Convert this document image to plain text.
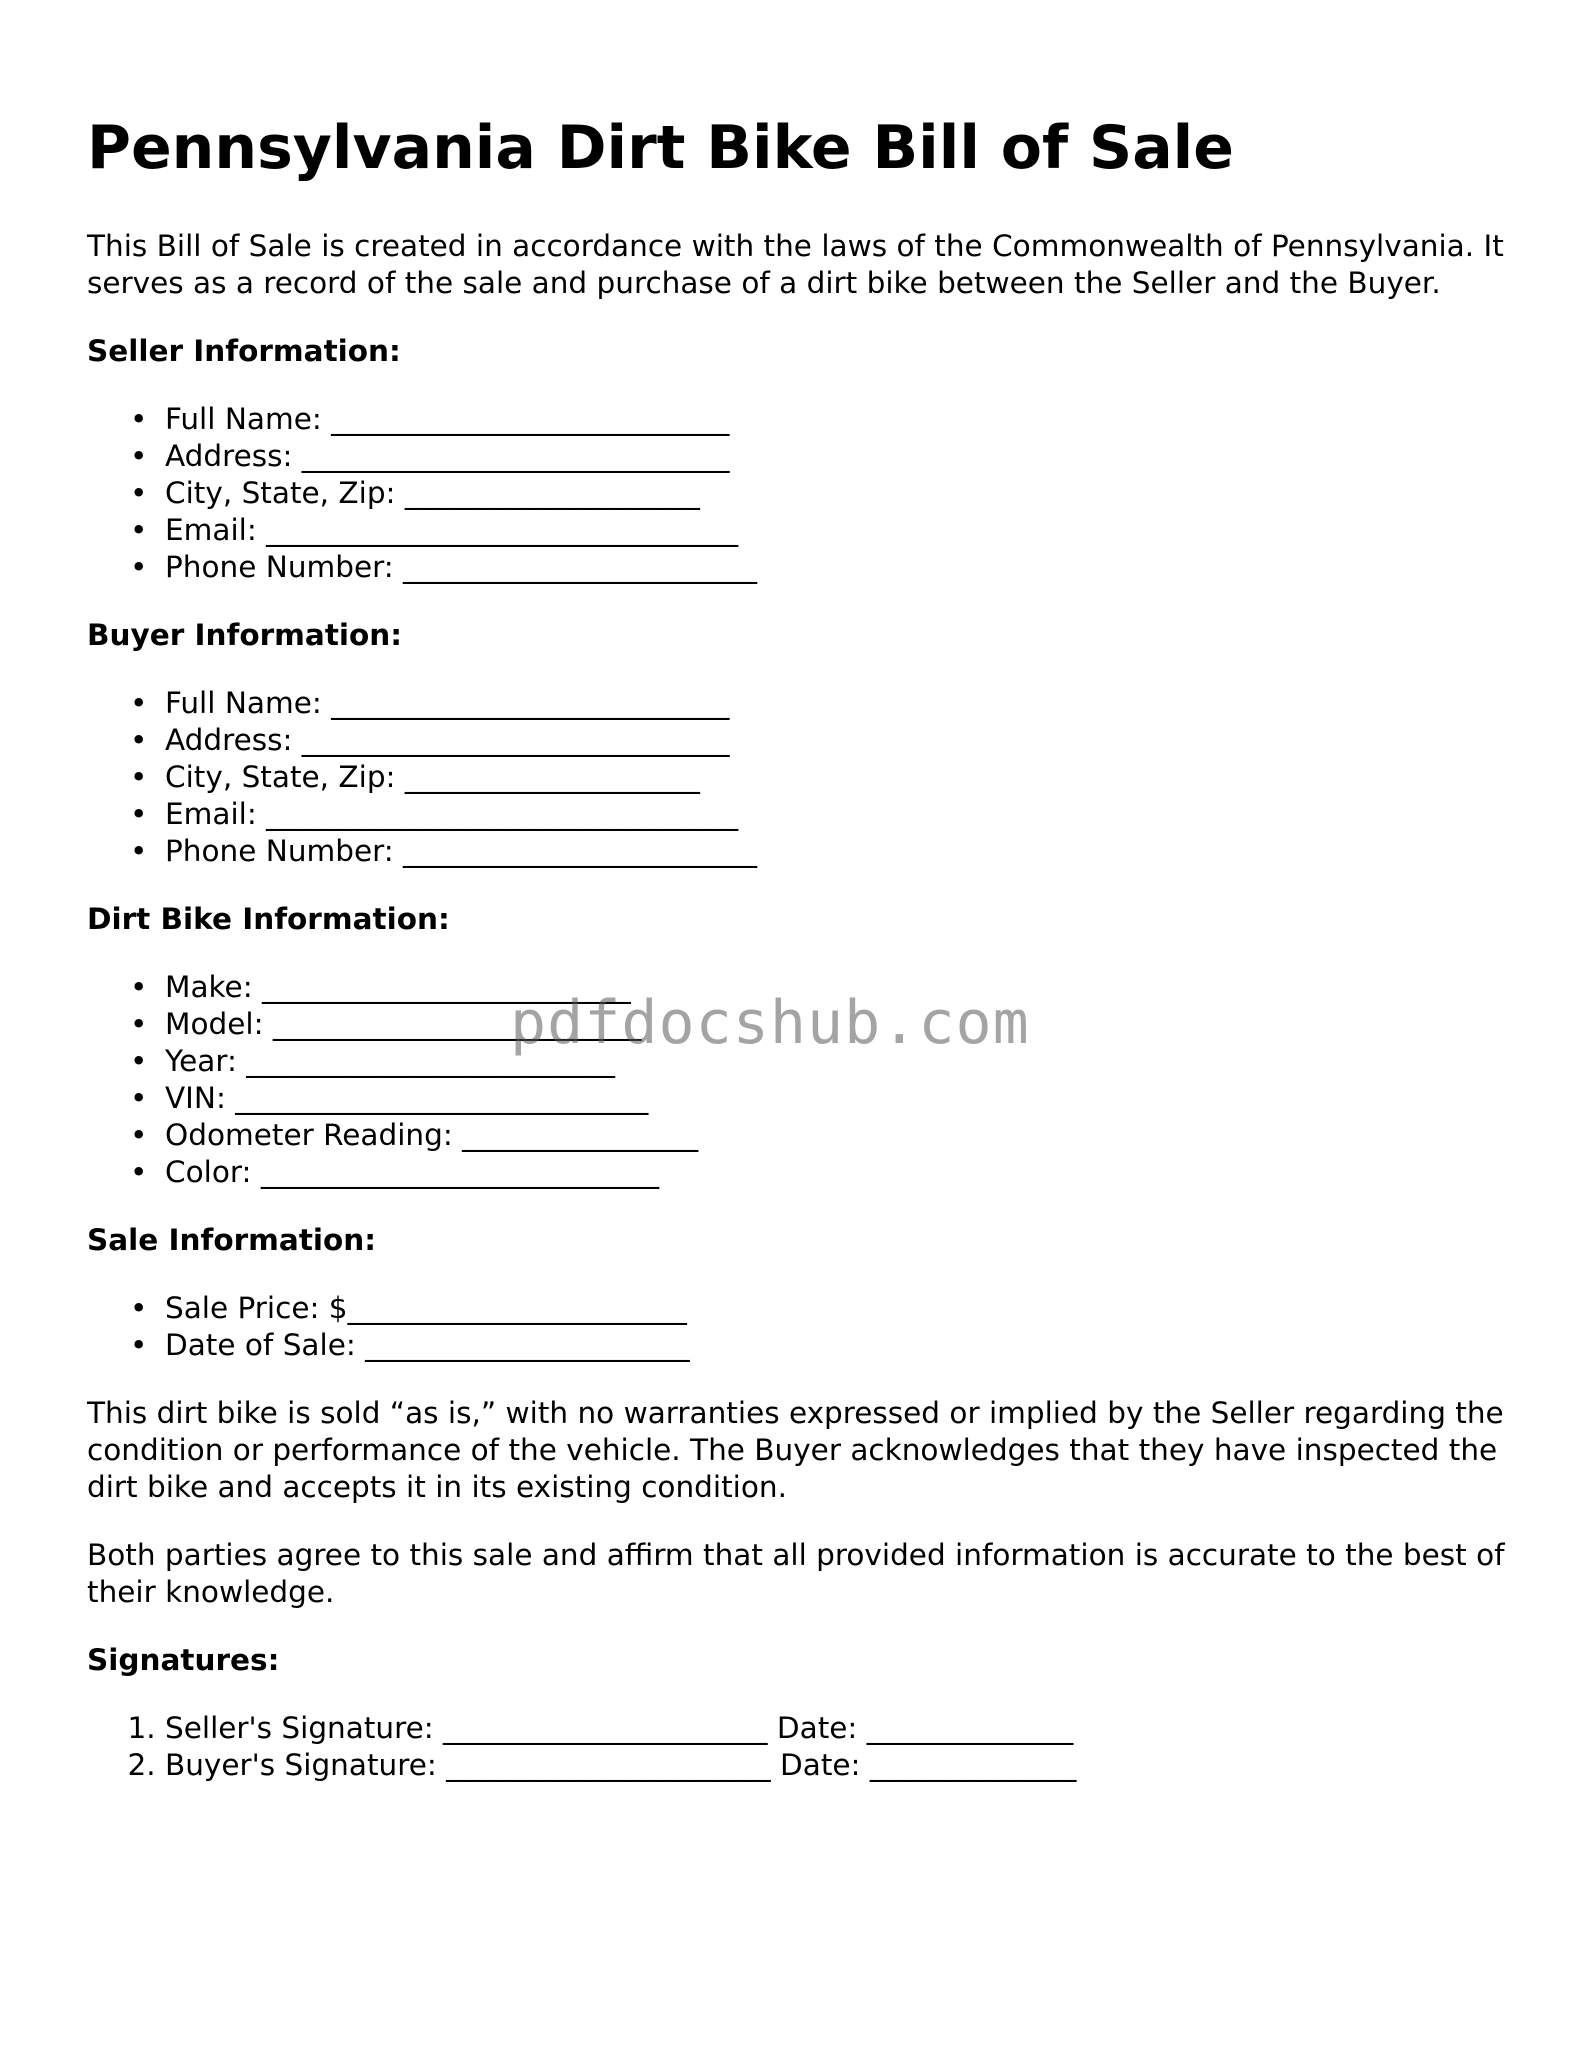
Pennsylvania Dirt Bike Bill of Sale

This Bill of Sale is created in accordance with the laws of the Commonwealth of Pennsylvania. It serves as a record of the sale and purchase of a dirt bike between the Seller and the Buyer.

Seller Information:
• Full Name: ___________________________
• Address: _____________________________
• City, State, Zip: ____________________
• Email: ________________________________
• Phone Number: ________________________
Buyer Information:
• Full Name: ___________________________
• Address: _____________________________
• City, State, Zip: ____________________
• Email: ________________________________
• Phone Number: ________________________
Dirt Bike Information:
• Make: _________________________
• Model: _________________________
• Year: _________________________
• VIN: ____________________________
• Odometer Reading: ________________
• Color: ___________________________
Sale Information:
• Sale Price: $_______________________
• Date of Sale: ______________________

This dirt bike is sold “as is,” with no warranties expressed or implied by the Seller regarding the condition or performance of the vehicle. The Buyer acknowledges that they have inspected the dirt bike and accepts it in its existing condition.

Both parties agree to this sale and affirm that all provided information is accurate to the best of their knowledge.

Signatures:
1. Seller's Signature: ______________________ Date: ______________
2. Buyer's Signature: ______________________ Date: ______________
pdfdocshub.com
